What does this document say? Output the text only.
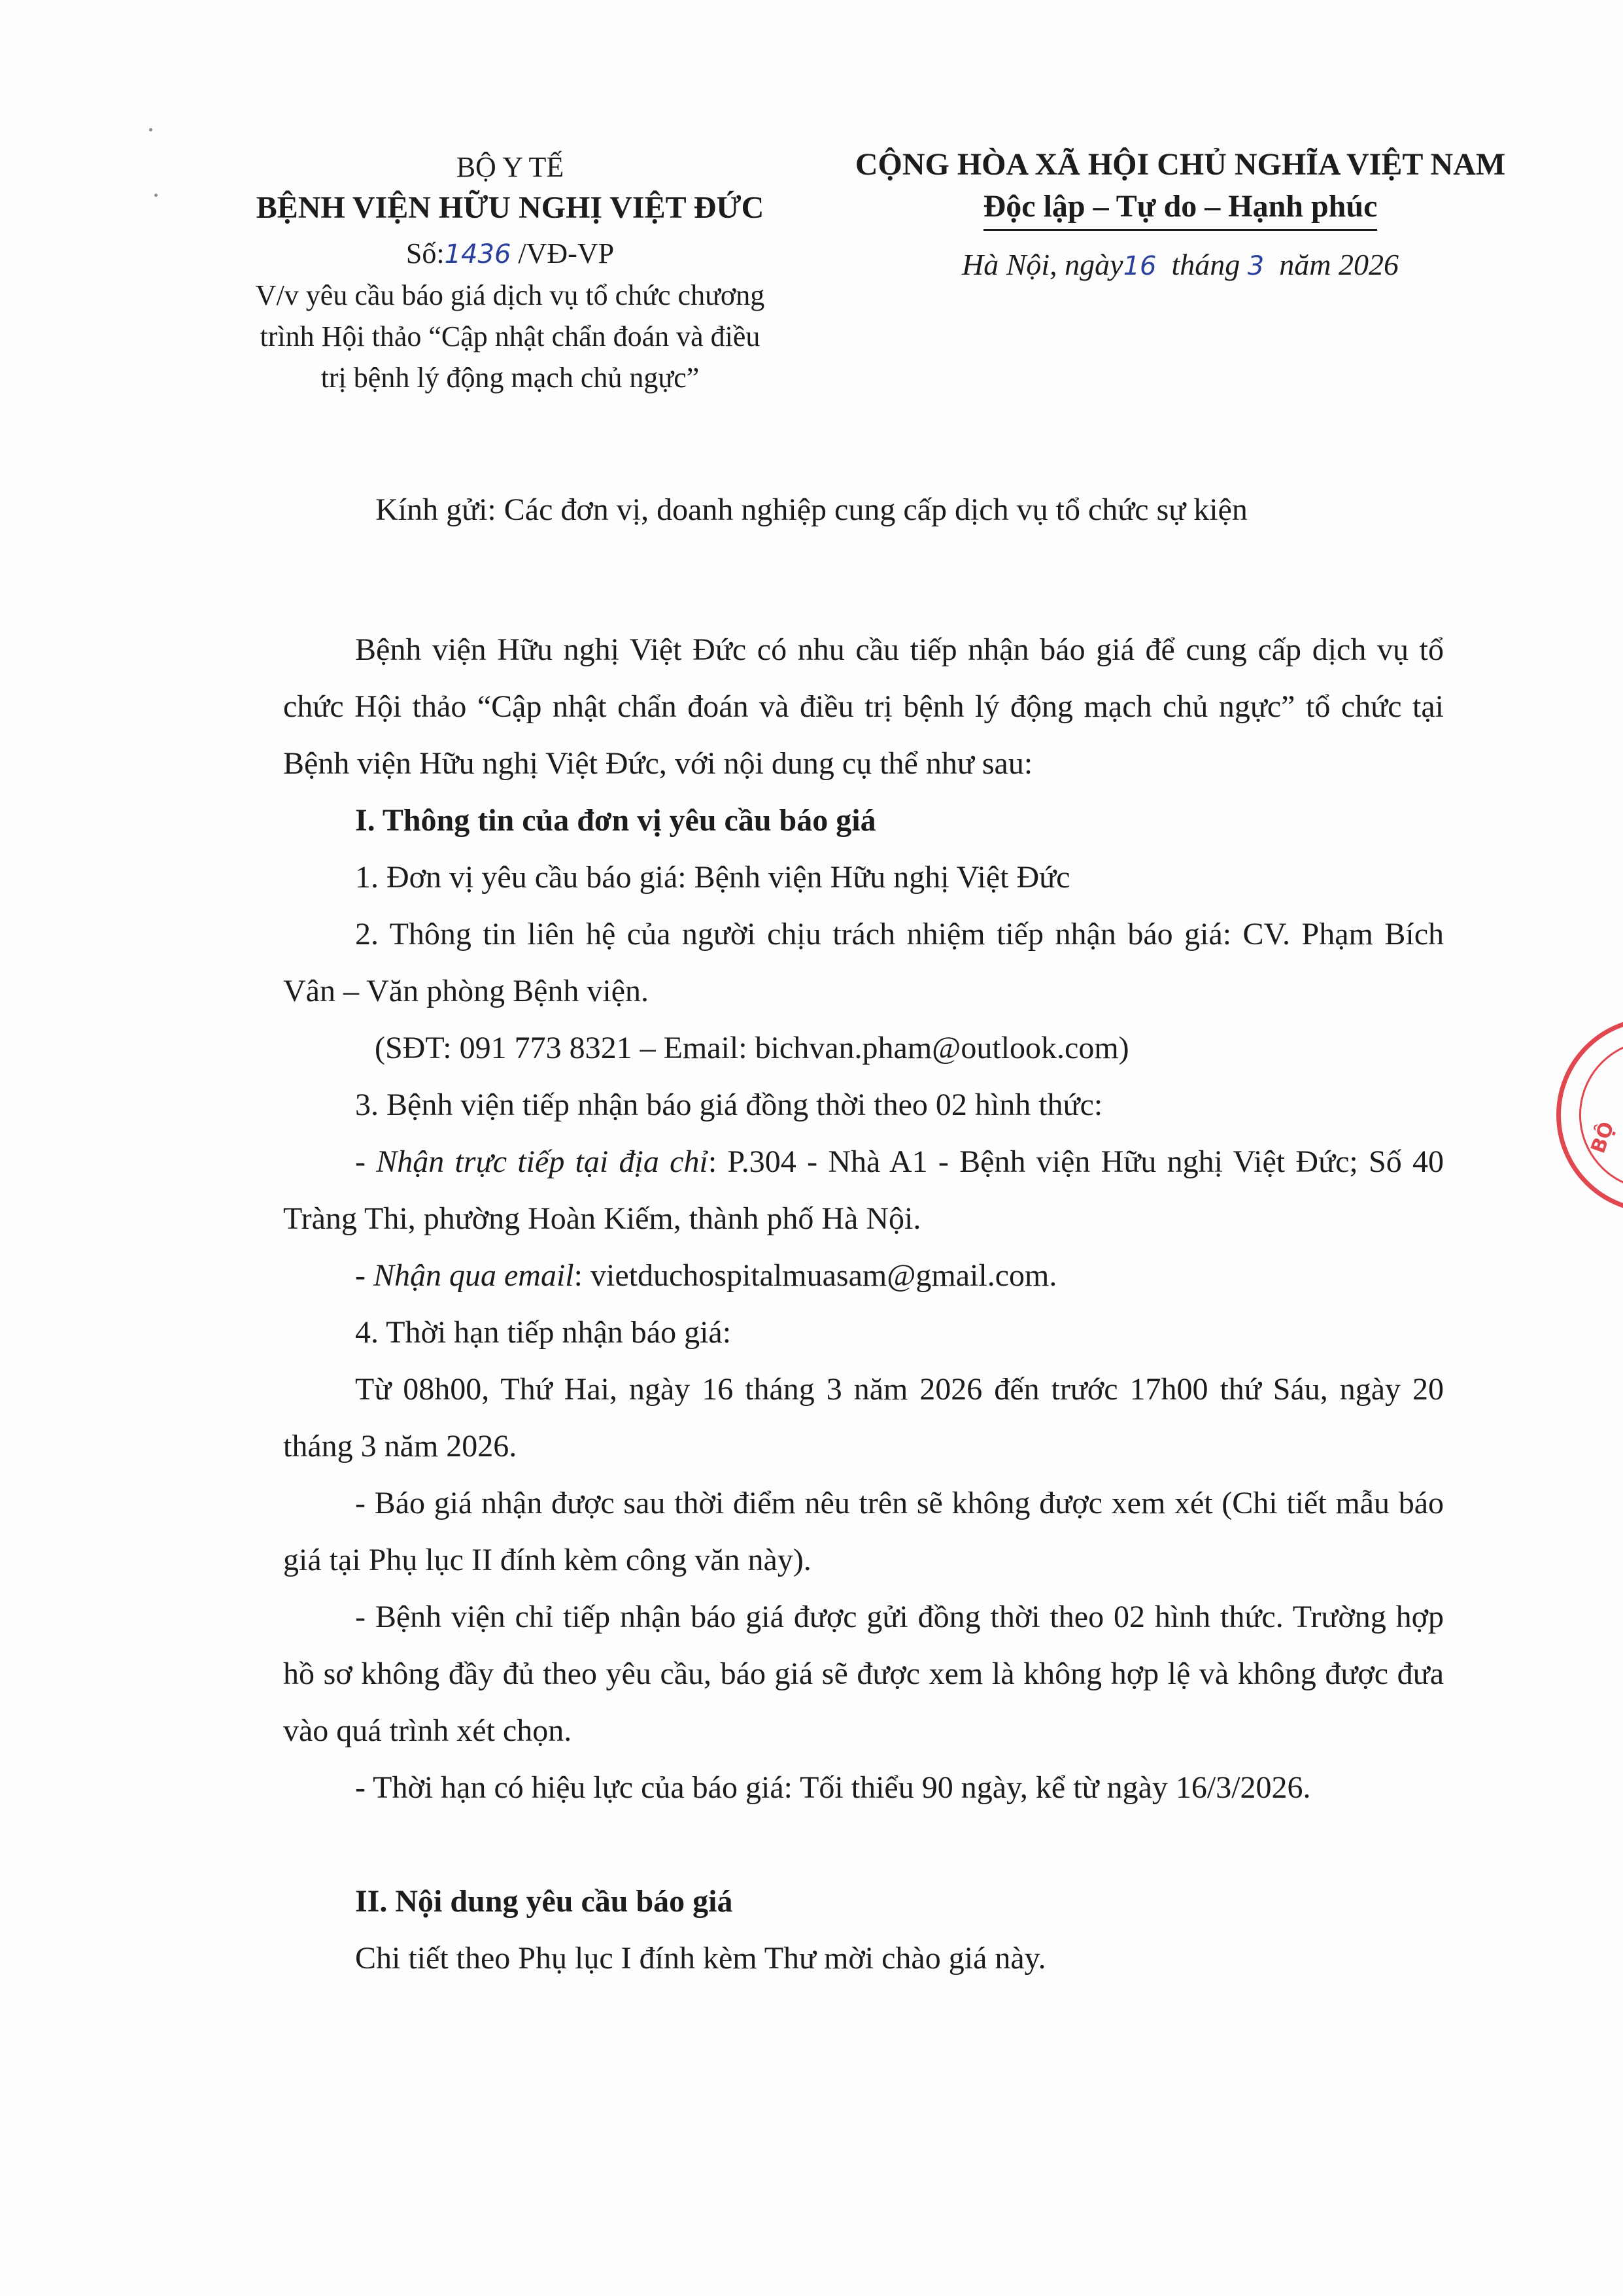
BỘ Y TẾ
BỆNH VIỆN HỮU NGHỊ VIỆT ĐỨC
Số:1436 /VĐ-VP
V/v yêu cầu báo giá dịch vụ tổ chức chương
trình Hội thảo “Cập nhật chẩn đoán và điều
trị bệnh lý động mạch chủ ngực”
CỘNG HÒA XÃ HỘI CHỦ NGHĨA VIỆT NAM
Độc lập – Tự do – Hạnh phúc
Hà Nội, ngày16 tháng 3 năm 2026
Kính gửi: Các đơn vị, doanh nghiệp cung cấp dịch vụ tổ chức sự kiện

Bệnh viện Hữu nghị Việt Đức có nhu cầu tiếp nhận báo giá để cung cấp dịch vụ tổ chức Hội thảo “Cập nhật chẩn đoán và điều trị bệnh lý động mạch chủ ngực” tổ chức tại Bệnh viện Hữu nghị Việt Đức, với nội dung cụ thể như sau:

I. Thông tin của đơn vị yêu cầu báo giá

1. Đơn vị yêu cầu báo giá: Bệnh viện Hữu nghị Việt Đức

2. Thông tin liên hệ của người chịu trách nhiệm tiếp nhận báo giá: CV. Phạm Bích Vân – Văn phòng Bệnh viện.

(SĐT: 091 773 8321 – Email: bichvan.pham@outlook.com)

3. Bệnh viện tiếp nhận báo giá đồng thời theo 02 hình thức:

- Nhận trực tiếp tại địa chỉ: P.304 - Nhà A1 - Bệnh viện Hữu nghị Việt Đức; Số 40 Tràng Thi, phường Hoàn Kiếm, thành phố Hà Nội.

- Nhận qua email: vietduchospitalmuasam@gmail.com.

4. Thời hạn tiếp nhận báo giá:

Từ 08h00, Thứ Hai, ngày 16 tháng 3 năm 2026 đến trước 17h00 thứ Sáu, ngày 20 tháng 3 năm 2026.

- Báo giá nhận được sau thời điểm nêu trên sẽ không được xem xét (Chi tiết mẫu báo giá tại Phụ lục II đính kèm công văn này).

- Bệnh viện chỉ tiếp nhận báo giá được gửi đồng thời theo 02 hình thức. Trường hợp hồ sơ không đầy đủ theo yêu cầu, báo giá sẽ được xem là không hợp lệ và không được đưa vào quá trình xét chọn.

- Thời hạn có hiệu lực của báo giá: Tối thiểu 90 ngày, kể từ ngày 16/3/2026.

II. Nội dung yêu cầu báo giá

Chi tiết theo Phụ lục I đính kèm Thư mời chào giá này.

BỘ
